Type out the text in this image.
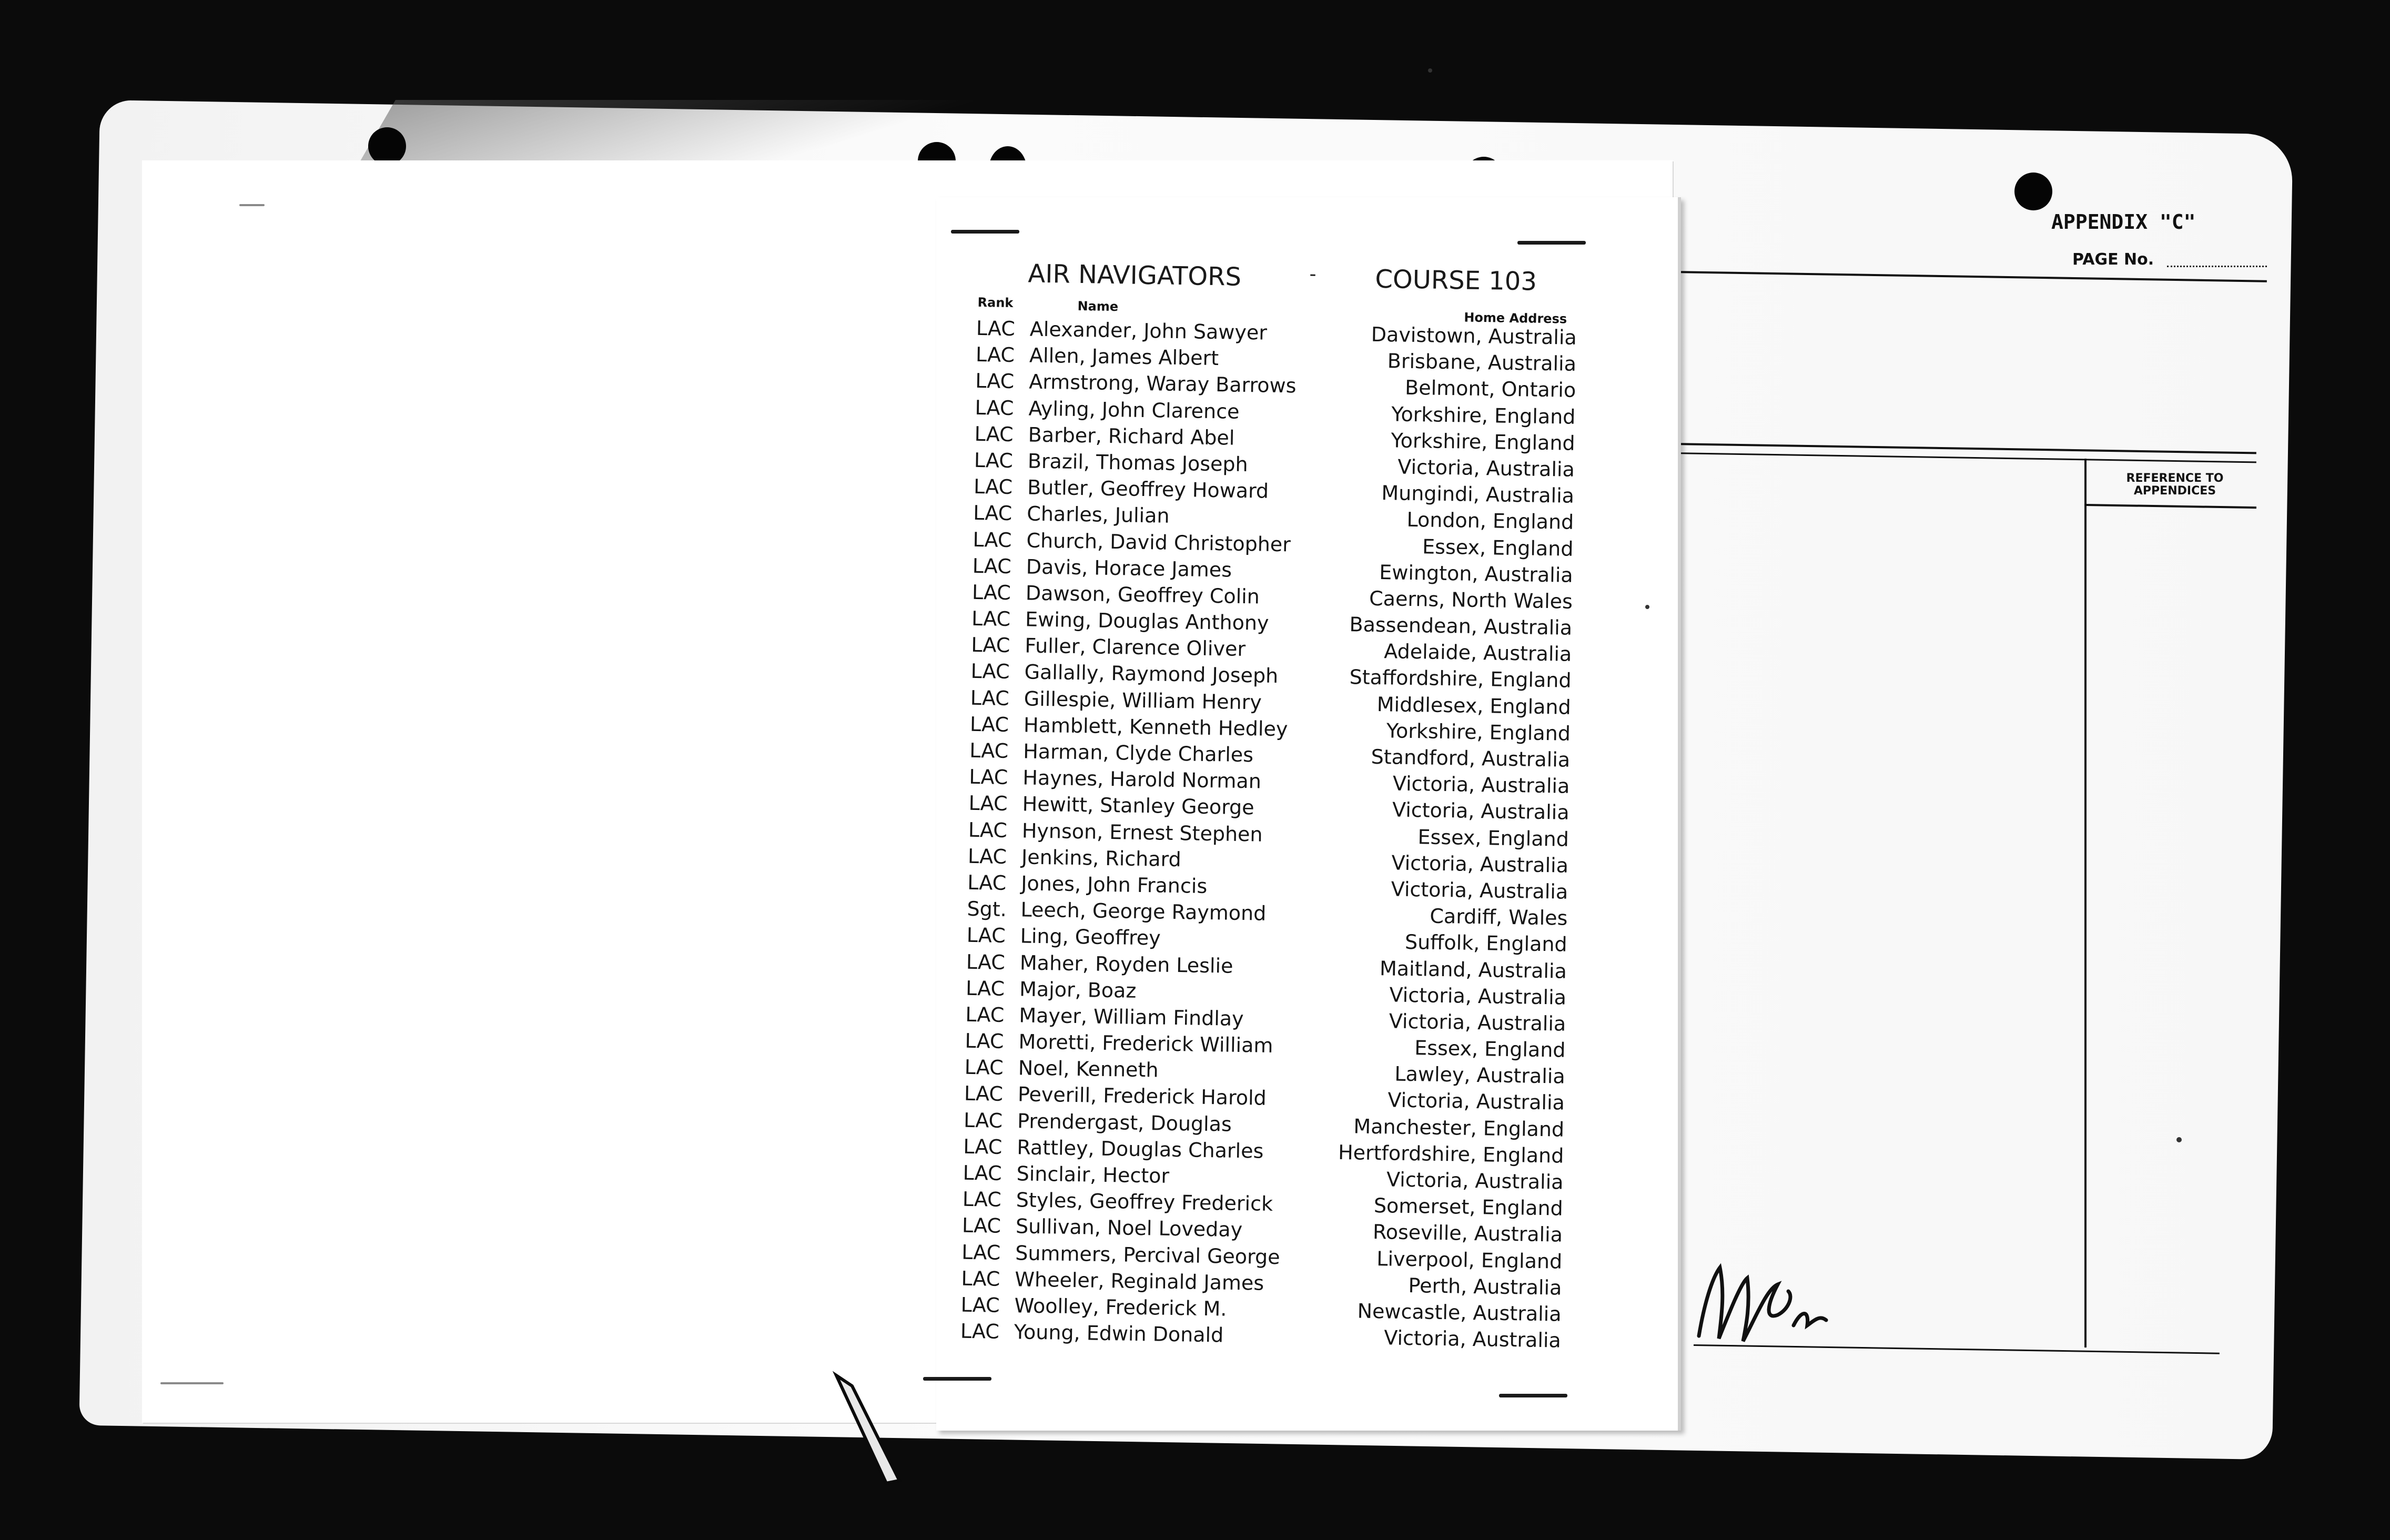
APPENDIX "C"
PAGE No.
REFERENCE TO APPENDICES
AIR NAVIGATORS	- COURSE 103
Rank	Name
Home Address
LAC Alexander, John Sawyer	Davistown, Australia
LAC Allen, James Albert	Brisbane, Australia
LAC Armstrong, Waray Barrows	Belmont, Ontario
LAC Ayling, John Clarence	Yorkshire, England
LAC Barber, Richard Abel	Yorkshire, England
LAC Brazil, Thomas Joseph	Victoria, Australia
LAC Butler, Geoffrey Howard	Mungindi, Australia
LAC Charles, Julian	London, England
LAC Church, David Christopher	Essex, England
LAC Davis, Horace James	Ewington, Australia
LAC Dawson, Geoffrey Colin	Caerns, North Wales
LAC Ewing, Douglas Anthony	Bassendean, Australia
LAC Fuller, Clarence Oliver	Adelaide, Australia
LAC Gallally, Raymond Joseph	Staffordshire, England
LAC Gillespie, William Henry	Middlesex, England
LAC Hamblett, Kenneth Hedley	Yorkshire, England
LAC Harman, Clyde Charles	Standford, Australia
LAC Haynes, Harold Norman	Victoria, Australia
LAC Hewitt, Stanley George	Victoria, Australia
LAC Hynson, Ernest Stephen	Essex, England
LAC Jenkins, Richard	Victoria, Australia
LAC Jones, John Francis	Victoria, Australia
Sgt. Leech, George Raymond	Cardiff, Wales
LAC Ling, Geoffrey	Suffolk, England
LAC Maher, Royden Leslie	Maitland, Australia
LAC Major, Boaz	Victoria, Australia
LAC Mayer, William Findlay	Victoria, Australia
LAC Moretti, Frederick William	Essex, England
LAC Noel, Kenneth	Lawley, Australia
LAC Peverill, Frederick Harold	Victoria, Australia
LAC Prendergast, Douglas	Manchester, England
LAC Rattley, Douglas Charles	Hertfordshire, England
LAC Sinclair, Hector	Victoria, Australia
LAC Styles, Geoffrey Frederick	Somerset, England
LAC Sullivan, Noel Loveday	Roseville, Australia
LAC Summers, Percival George	Liverpool, England
LAC Wheeler, Reginald James	Perth, Australia
LAC Woolley, Frederick M.	Newcastle, Australia
LAC Young, Edwin Donald	Victoria, Australia
